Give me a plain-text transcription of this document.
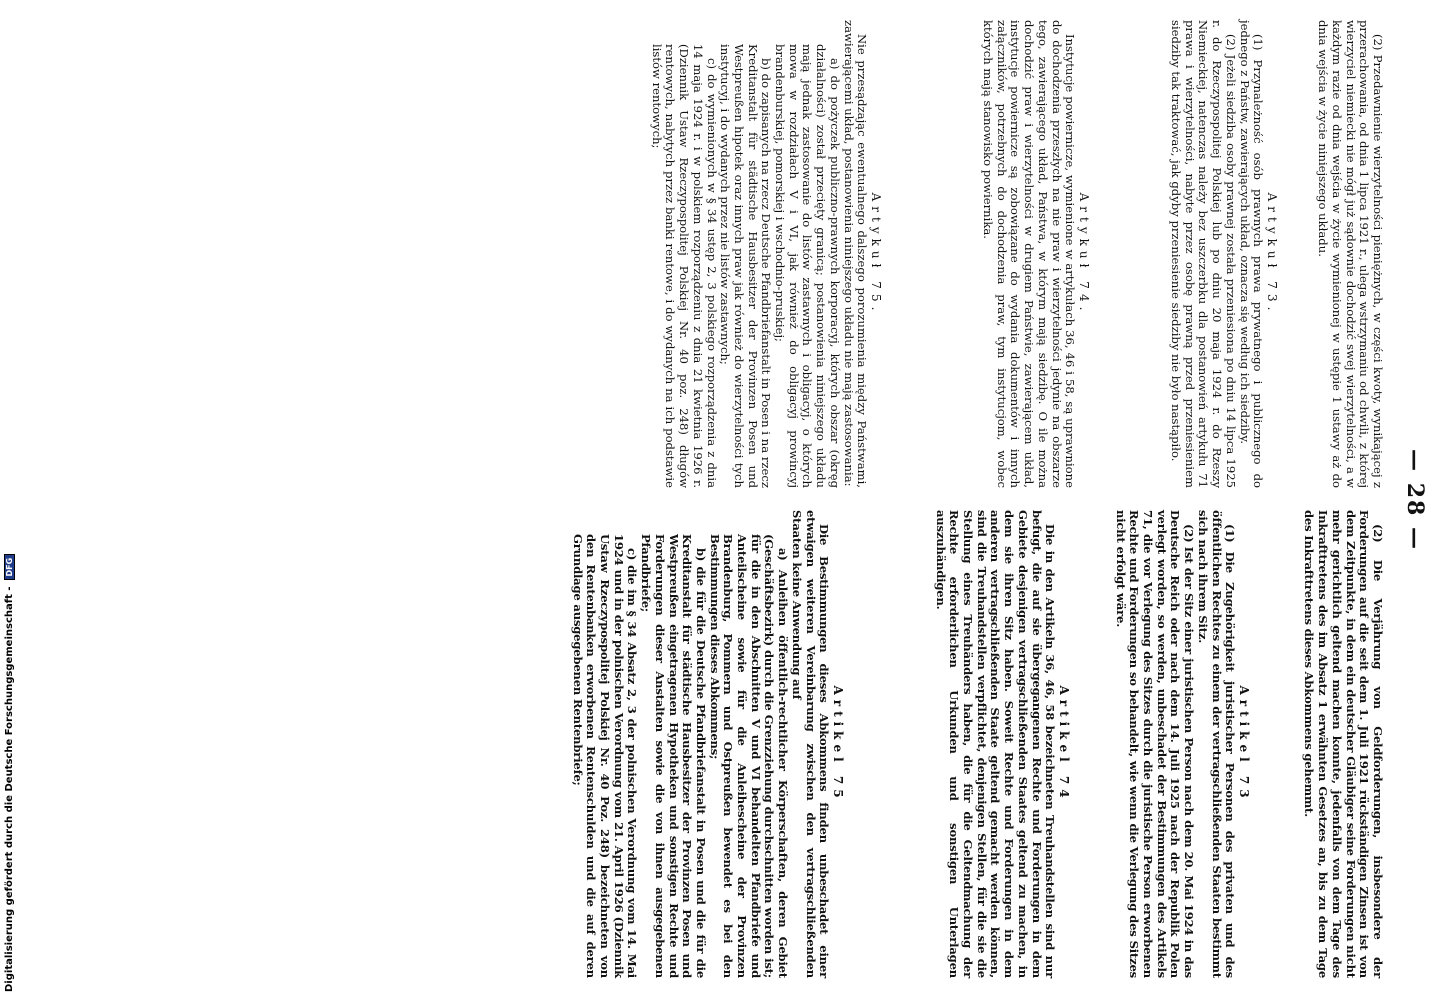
— 28 —

(2) Przedawnienie wierzytelności pieniężnych, w części kwoty, wynikającej z przerachowania, od dnia 1 lipca 1921 r., ulega wstrzymaniu od chwili, z której wierzyciel niemiecki nie mógł już sądownie dochodzić swej wierzytelności, a w każdym razie od dnia wejścia w życie wymienionej w ustępie 1 ustawy aż do dnia wejścia w życie niniejszego układu.

Artykuł 73.

(1) Przynależność osób prawnych prawa prywatnego i publicznego do jednego z Państw, zawierających układ, oznacza się według ich siedziby.

(2) Jeżeli siedziba osoby prawnej została przeniesiona po dniu 14 lipca 1925 r. do Rzeczypospolitej Polskiej lub po dniu 20 maja 1924 r. do Rzeszy Niemieckiej, natenczas należy bez uszczerbku dla postanowień artykułu 71 prawa i wierzytelności, nabyte przez osobę prawną przed przeniesieniem siedziby tak traktować, jak gdyby przeniesienie siedziby nie było nastąpiło.

Artykuł 74.

Instytucje powiernicze, wymienione w artykułach 36, 46 i 58, są uprawnione do dochodzenia przeszłych na nie praw i wierzytelności jedynie na obszarze tego, zawierającego układ, Państwa, w którym mają siedzibę. O ile można dochodzić praw i wierzytelności w drugiem Państwie, zawierającem układ, instytucje powiernicze są zobowiązane do wydania dokumentów i innych załączników, potrzebnych do dochodzenia praw, tym instytucjom, wobec których mają stanowisko powiernika.

Artykuł 75.

Nie przesądzając ewentualnego dalszego porozumienia między Państwami, zawierającemi układ, postanowienia niniejszego układu nie mają zastosowania:

a) do pożyczek publiczno-prawnych korporacyj, których obszar (okręg działalności) został przecięty granicą; postanowienia niniejszego układu mają jednak zastosowanie do listów zastawnych i obligacyj, o których mowa w rozdziałach V i VI, jak również do obligacyj prowincyj brandenburskiej, pomorskiej i wschodnio-pruskiej;

b) do zapisanych na rzecz Deutsche Pfandbriefanstalt in Posen i na rzecz Kreditanstalt für städtische Hausbesitzer der Provinzen Posen und Westpreußen hipotek oraz innych praw jak również do wierzytelności tych instytucyj, i do wydanych przez nie listów zastawnych;

c) do wymienionych w § 34 ustęp 2, 3 polskiego rozporządzenia z dnia 14 maja 1924 r. i w polskiem rozporządzeniu z dnia 21 kwietnia 1926 r. (Dziennik Ustaw Rzeczypospolitej Polskiej Nr. 40 poz. 248) długów rentowych, nabytych przez banki rentowe, i do wydanych na ich podstawie listów rentowych;

(2) Die Verjährung von Geldforderungen, insbesondere der Forderungen auf die seit dem 1. Juli 1921 rückständigen Zinsen ist von dem Zeitpunkte, in dem ein deutscher Gläubiger seine Forderungen nicht mehr gerichtlich geltend machen konnte, jedenfalls von dem Tage des Inkrafttretens des im Absatz 1 erwähnten Gesetzes an, bis zu dem Tage des Inkrafttretens dieses Abkommens gehemmt.

Artikel 73

(1) Die Zugehörigkeit juristischer Personen des privaten und des öffentlichen Rechtes zu einem der vertragschließenden Staaten bestimmt sich nach ihrem Sitz.

(2) Ist der Sitz einer juristischen Person nach dem 20. Mai 1924 in das Deutsche Reich oder nach dem 14. Juli 1925 nach der Republik Polen verlegt worden, so werden, unbeschadet der Bestimmungen des Artikels 71, die vor Verlegung des Sitzes durch die juristische Person erworbenen Rechte und Forderungen so behandelt, wie wenn die Verlegung des Sitzes nicht erfolgt wäre.

Artikel 74

Die in den Artikeln 36, 46, 58 bezeichneten Treuhandstellen sind nur befugt, die auf sie übergegangenen Rechte und Forderungen in dem Gebiete desjenigen vertragschließenden Staates geltend zu machen, in dem sie ihren Sitz haben. Soweit Rechte und Forderungen in dem anderen vertragschließenden Staate geltend gemacht werden können, sind die Treuhandstellen verpflichtet, denjenigen Stellen, für die sie die Stellung eines Treuhänders haben, die für die Geltendmachung der Rechte erforderlichen Urkunden und sonstigen Unterlagen auszuhändigen.

Artikel 75

Die Bestimmungen dieses Abkommens finden unbeschadet einer etwaigen weiteren Vereinbarung zwischen den vertragschließenden Staaten keine Anwendung auf

a) Anleihen öffentlich-rechtlicher Körperschaften, deren Gebiet (Geschäftsbezirk) durch die Grenzziehung durchschnitten worden ist; für die in den Abschnitten V und VI behandelten Pfandbriefe und Anteilscheine sowie für die Anleihescheine der Provinzen Brandenburg, Pommern und Ostpreußen bewendet es bei den Bestimmungen dieses Abkommens;

b) die für die Deutsche Pfandbriefanstalt in Posen und die für die Kreditanstalt für städtische Hausbesitzer der Provinzen Posen und Westpreußen eingetragenen Hypotheken und sonstigen Rechte und Forderungen dieser Anstalten sowie die von ihnen ausgegebenen Pfandbriefe;

c) die im § 34 Absatz 2, 3 der polnischen Verordnung vom 14. Mai 1924 und in der polnischen Verordnung vom 21. April 1926 (Dziennik Ustaw Rzeczypospolitej Polskiej Nr. 40 Poz. 248) bezeichneten von den Rentenbanken erworbenen Rentenschulden und die auf deren Grundlage ausgegebenen Rentenbriefe;

Digitalisierung gefördert durch die Deutsche Forschungsgemeinschaft -
DFG
